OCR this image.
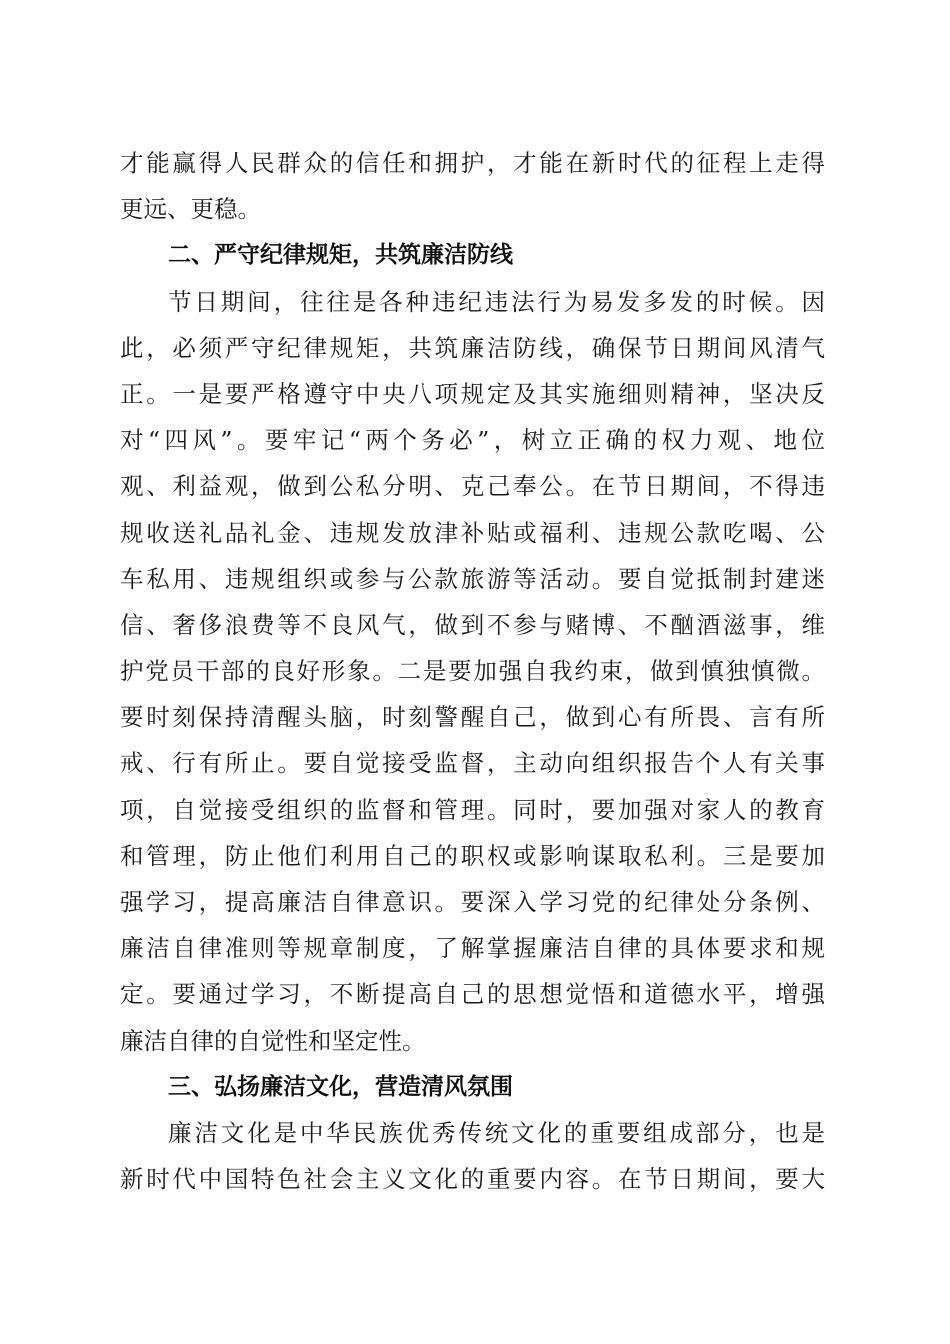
才能赢得人民群众的信任和拥护，才能在新时代的征程上走得
更远、更稳。
二、严守纪律规矩，共筑廉洁防线
节日期间，往往是各种违纪违法行为易发多发的时候。因
此，必须严守纪律规矩，共筑廉洁防线，确保节日期间风清气
正。一是要严格遵守中央八项规定及其实施细则精神，坚决反
对“四风”。要牢记“两个务必”，树立正确的权力观、地位
观、利益观，做到公私分明、克己奉公。在节日期间，不得违
规收送礼品礼金、违规发放津补贴或福利、违规公款吃喝、公
车私用、违规组织或参与公款旅游等活动。要自觉抵制封建迷
信、奢侈浪费等不良风气，做到不参与赌博、不酗酒滋事，维
护党员干部的良好形象。二是要加强自我约束，做到慎独慎微。
要时刻保持清醒头脑，时刻警醒自己，做到心有所畏、言有所
戒、行有所止。要自觉接受监督，主动向组织报告个人有关事
项，自觉接受组织的监督和管理。同时，要加强对家人的教育
和管理，防止他们利用自己的职权或影响谋取私利。三是要加
强学习，提高廉洁自律意识。要深入学习党的纪律处分条例、
廉洁自律准则等规章制度，了解掌握廉洁自律的具体要求和规
定。要通过学习，不断提高自己的思想觉悟和道德水平，增强
廉洁自律的自觉性和坚定性。
三、弘扬廉洁文化，营造清风氛围
廉洁文化是中华民族优秀传统文化的重要组成部分，也是
新时代中国特色社会主义文化的重要内容。在节日期间，要大
